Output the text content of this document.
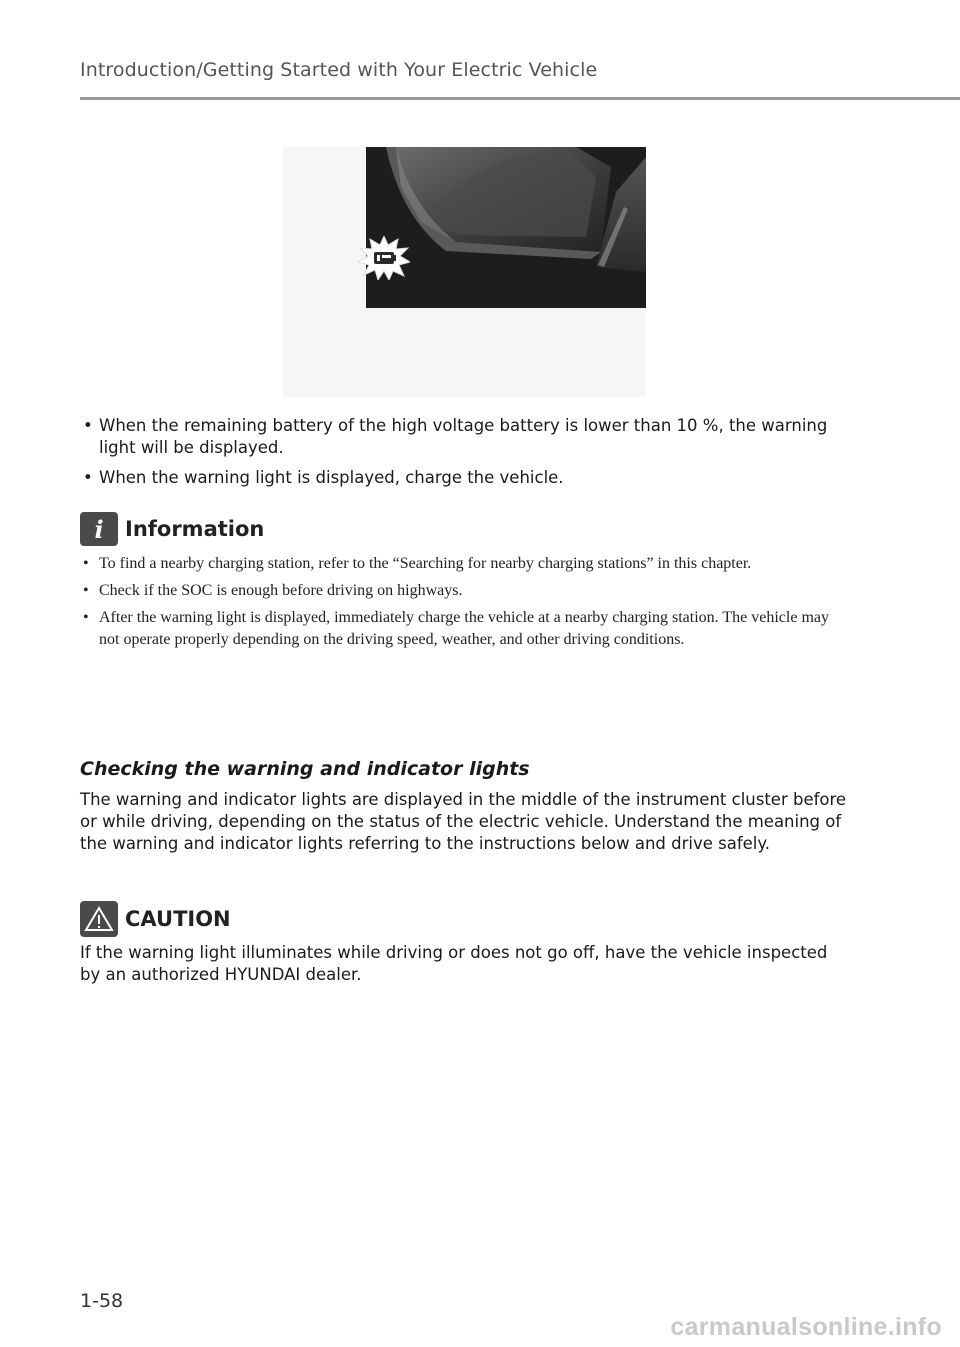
Introduction/Getting Started with Your Electric Vehicle
• When the remaining battery of the high voltage battery is lower than 10 %, the warning light will be displayed.
• When the warning light is displayed, charge the vehicle.
i	Information
• To find a nearby charging station, refer to the “Searching for nearby charging stations” in this chapter.
• Check if the SOC is enough before driving on highways.
• After the warning light is displayed, immediately charge the vehicle at a nearby charging station. The vehicle may not operate properly depending on the driving speed, weather, and other driving conditions.
Checking the warning and indicator lights
The warning and indicator lights are displayed in the middle of the instrument cluster before or while driving, depending on the status of the electric vehicle. Understand the meaning of the warning and indicator lights referring to the instructions below and drive safely.
CAUTION
If the warning light illuminates while driving or does not go off, have the vehicle inspected by an authorized HYUNDAI dealer.
1-58
carmanualsonline.info
